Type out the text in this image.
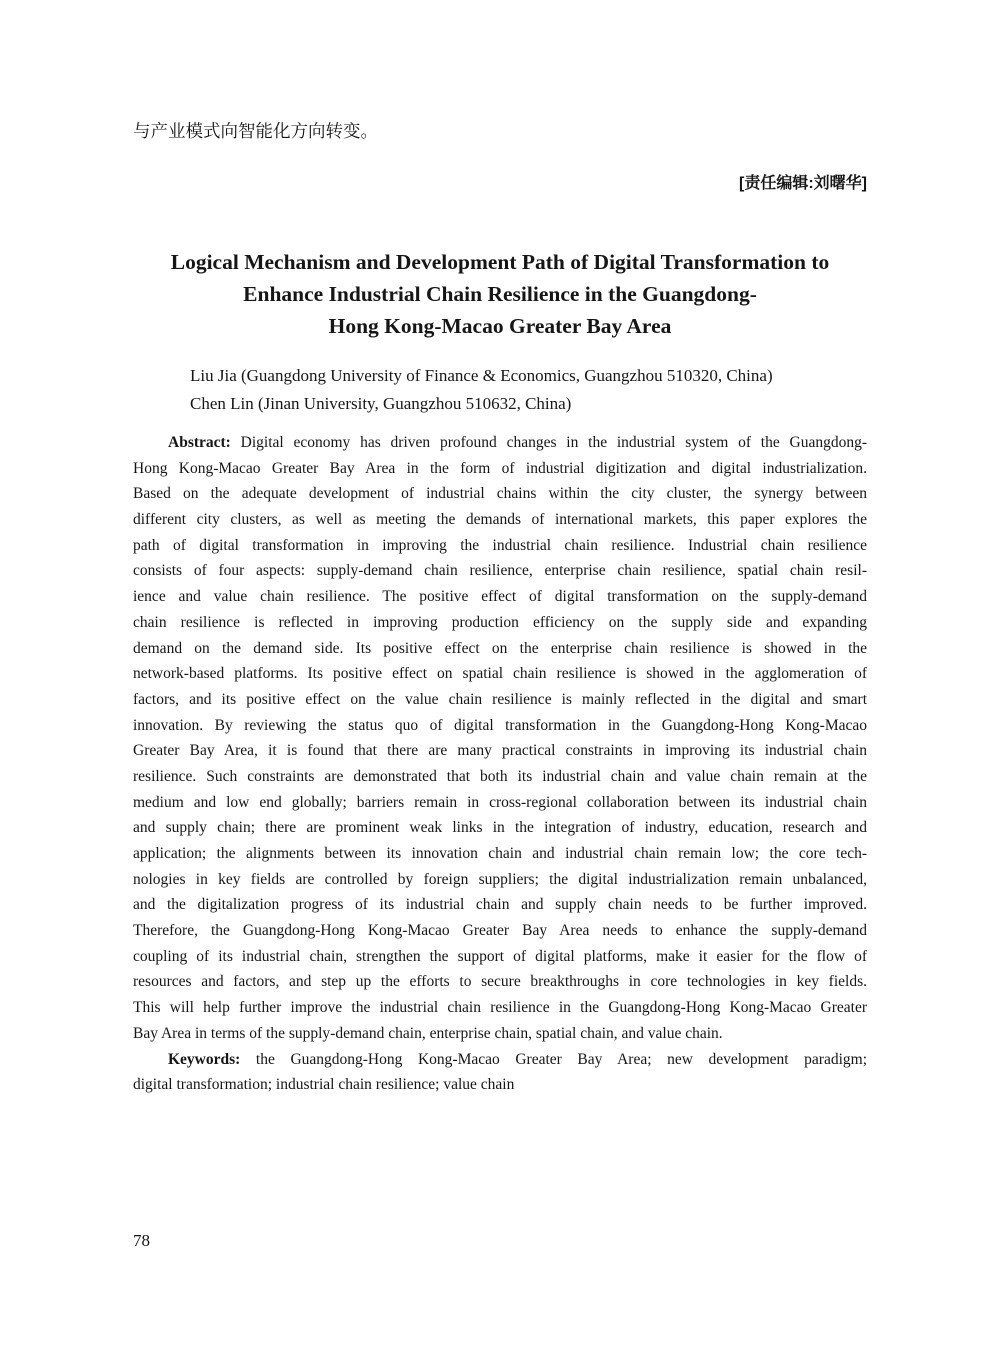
与产业模式向智能化方向转变。
[责任编辑:刘曙华]
Logical Mechanism and Development Path of Digital Transformation to
Enhance Industrial Chain Resilience in the Guangdong-
Hong Kong-Macao Greater Bay Area
Liu Jia (Guangdong University of Finance & Economics, Guangzhou 510320, China)
Chen Lin (Jinan University, Guangzhou 510632, China)
Abstract: Digital economy has driven profound changes in the industrial system of the Guangdong-
Hong Kong-Macao Greater Bay Area in the form of industrial digitization and digital industrialization.
Based on the adequate development of industrial chains within the city cluster, the synergy between
different city clusters, as well as meeting the demands of international markets, this paper explores the
path of digital transformation in improving the industrial chain resilience. Industrial chain resilience
consists of four aspects: supply-demand chain resilience, enterprise chain resilience, spatial chain resil-
ience and value chain resilience. The positive effect of digital transformation on the supply-demand
chain resilience is reflected in improving production efficiency on the supply side and expanding
demand on the demand side. Its positive effect on the enterprise chain resilience is showed in the
network-based platforms. Its positive effect on spatial chain resilience is showed in the agglomeration of
factors, and its positive effect on the value chain resilience is mainly reflected in the digital and smart
innovation. By reviewing the status quo of digital transformation in the Guangdong-Hong Kong-Macao
Greater Bay Area, it is found that there are many practical constraints in improving its industrial chain
resilience. Such constraints are demonstrated that both its industrial chain and value chain remain at the
medium and low end globally; barriers remain in cross-regional collaboration between its industrial chain
and supply chain; there are prominent weak links in the integration of industry, education, research and
application; the alignments between its innovation chain and industrial chain remain low; the core tech-
nologies in key fields are controlled by foreign suppliers; the digital industrialization remain unbalanced,
and the digitalization progress of its industrial chain and supply chain needs to be further improved.
Therefore, the Guangdong-Hong Kong-Macao Greater Bay Area needs to enhance the supply-demand
coupling of its industrial chain, strengthen the support of digital platforms, make it easier for the flow of
resources and factors, and step up the efforts to secure breakthroughs in core technologies in key fields.
This will help further improve the industrial chain resilience in the Guangdong-Hong Kong-Macao Greater
Bay Area in terms of the supply-demand chain, enterprise chain, spatial chain, and value chain.
Keywords: the Guangdong-Hong Kong-Macao Greater Bay Area; new development paradigm;
digital transformation; industrial chain resilience; value chain
78
